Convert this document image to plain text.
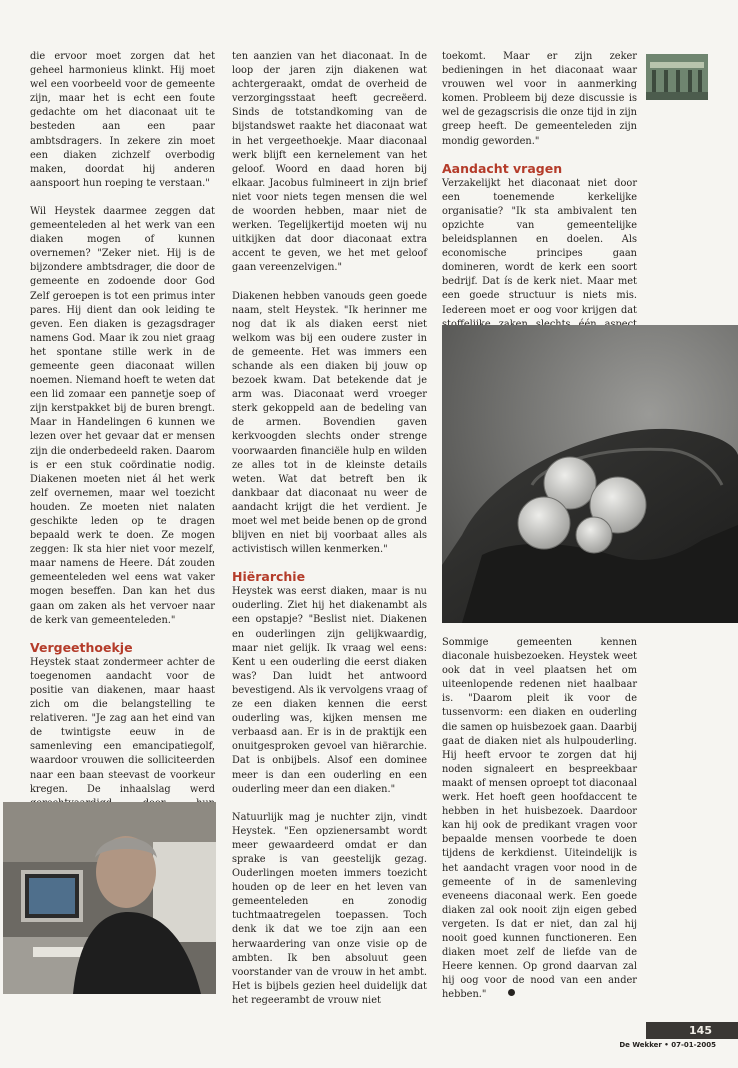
die ervoor moet zorgen dat het geheel harmonieus klinkt. Hij moet wel een voorbeeld voor de gemeente zijn, maar het is echt een foute gedachte om het diaconaat uit te besteden aan een paar ambtsdragers. In zekere zin moet een diaken zichzelf overbodig maken, doordat hij anderen aanspoort hun roeping te verstaan."

Wil Heystek daarmee zeggen dat gemeenteleden al het werk van een diaken mogen of kunnen overnemen? "Zeker niet. Hij is de bijzondere ambtsdrager, die door de gemeente en zodoende door God Zelf geroepen is tot een primus inter pares. Hij dient dan ook leiding te geven. Een diaken is gezagsdrager namens God. Maar ik zou niet graag het spontane stille werk in de gemeente geen diaconaat willen noemen. Niemand hoeft te weten dat een lid zomaar een pannetje soep of zijn kerstpakket bij de buren brengt. Maar in Handelingen 6 kunnen we lezen over het gevaar dat er mensen zijn die onderbedeeld raken. Daarom is er een stuk coördinatie nodig. Diakenen moeten niet ál het werk zelf overnemen, maar wel toezicht houden. Ze moeten niet nalaten geschikte leden op te dragen bepaald werk te doen. Ze mogen zeggen: Ik sta hier niet voor mezelf, maar namens de Heere. Dát zouden gemeenteleden wel eens wat vaker mogen beseffen. Dan kan het dus gaan om zaken als het vervoer naar de kerk van gemeenteleden."

Vergeethoekje

Heystek staat zondermeer achter de toegenomen aandacht voor de positie van diakenen, maar haast zich om die belangstelling te relativeren. "Je zag aan het eind van de twintigste eeuw in de samenleving een emancipatiegolf, waardoor vrouwen die solliciteerden naar een baan steevast de voorkeur kregen. De inhaalslag werd

ten aanzien van het diaconaat. In de loop der jaren zijn diakenen wat achtergeraakt, omdat de overheid de verzorgingsstaat heeft gecreëerd. Sinds de totstandkoming van de bijstandswet raakte het diaconaat wat in het vergeethoekje. Maar diaconaal werk blijft een kernelement van het geloof. Woord en daad horen bij elkaar. Jacobus fulmineert in zijn brief niet voor niets tegen mensen die wel de woorden hebben, maar niet de werken. Tegelijkertijd moeten wij nu uitkijken dat door diaconaat extra accent te geven, we het met geloof gaan vereenzelvigen."

Diakenen hebben vanouds geen goede naam, stelt Heystek. "Ik herinner me nog dat ik als diaken eerst niet welkom was bij een oudere zuster in de gemeente. Het was immers een schande als een diaken bij jouw op bezoek kwam. Dat betekende dat je arm was. Diaconaat werd vroeger sterk gekoppeld aan de bedeling van de armen. Bovendien gaven kerkvoogden slechts onder strenge voorwaarden financiële hulp en wilden ze alles tot in de kleinste details weten. Wat dat betreft ben ik dankbaar dat diaconaat nu weer de aandacht krijgt die het verdient. Je moet wel met beide benen op de grond blijven en niet bij voorbaat alles als activistisch willen kenmerken."

Hiërarchie

Heystek was eerst diaken, maar is nu ouderling. Ziet hij het diakenambt als een opstapje? "Beslist niet. Diakenen en ouderlingen zijn gelijkwaardig, maar niet gelijk. Ik vraag wel eens: Kent u een ouderling die eerst diaken was? Dan luidt het antwoord bevestigend. Als ik vervolgens vraag of ze een diaken kennen die eerst ouderling was, kijken mensen me verbaasd aan. Er is in de praktijk een onuitgesproken gevoel van hiërarchie. Dat is onbijbels. Alsof een dominee meer is dan een ouderling en een ouderling meer dan een diaken."

Natuurlijk mag je nuchter zijn, vindt Heystek. "Een opzienersambt wordt meer gewaardeerd omdat er dan sprake is van geestelijk gezag. Ouderlingen moeten immers toezicht houden op de leer en het leven van gemeenteleden en zonodig tuchtmaatregelen toepassen. Toch denk ik dat we toe zijn aan een herwaardering van onze visie op de ambten. Ik ben absoluut geen voorstander van de vrouw in het ambt. Het is bijbels gezien heel duidelijk dat het regeerambt de vrouw niet

toekomt. Maar er zijn zeker bedieningen in het diaconaat waar vrouwen wel voor in aanmerking komen. Probleem bij deze discussie is wel de gezagscrisis die onze tijd in zijn greep heeft. De gemeenteleden zijn mondig geworden."

Aandacht vragen

Verzakelijkt het diaconaat niet door een toenemende kerkelijke organisatie? "Ik sta ambivalent ten opzichte van gemeentelijke beleidsplannen en doelen. Als economische principes gaan domineren, wordt de kerk een soort bedrijf. Dat ís de kerk niet. Maar met een goede structuur is niets mis. Iedereen moet er oog voor krijgen dat

Sommige gemeenten kennen diaconale huisbezoeken. Heystek weet ook dat in veel plaatsen het om uiteenlopende redenen niet haalbaar is. "Daarom pleit ik voor de tussenvorm: een diaken en ouderling die samen op huisbezoek gaan. Daarbij gaat de diaken niet als hulpouderling. Hij heeft ervoor te zorgen dat hij noden signaleert en bespreekbaar maakt of mensen oproept tot diaconaal werk. Het hoeft geen hoofdaccent te hebben in het huisbezoek. Daardoor kan hij ook de predikant vragen voor bepaalde mensen voorbede te doen tijdens de kerkdienst. Uiteindelijk is het aandacht vragen voor nood in de gemeente of in de samenleving eveneens diaconaal werk. Een goede diaken zal ook nooit zijn eigen gebed vergeten. Is dat er niet, dan zal hij nooit goed kunnen functioneren. Een diaken moet zelf de liefde van de Heere kennen. Op grond daarvan zal hij oog voor de nood van een ander hebben."

145
De Wekker • 07-01-2005
